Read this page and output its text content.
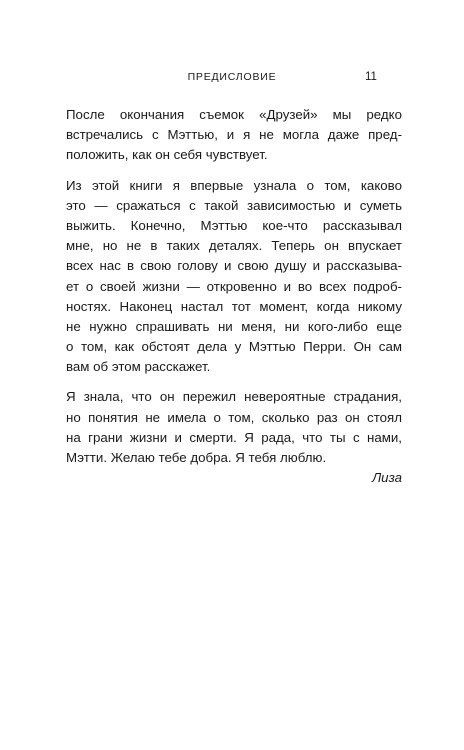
ПРЕДИСЛОВИЕ	11
После окончания съемок «Друзей» мы редко
встречались с Мэттью, и я не могла даже пред-
положить, как он себя чувствует.
Из этой книги я впервые узнала о том, каково
это — сражаться с такой зависимостью и суметь
выжить. Конечно, Мэттью кое-что рассказывал
мне, но не в таких деталях. Теперь он впускает
всех нас в свою голову и свою душу и рассказыва-
ет о своей жизни — откровенно и во всех подроб-
ностях. Наконец настал тот момент, когда никому
не нужно спрашивать ни меня, ни кого-либо еще
о том, как обстоят дела у Мэттью Перри. Он сам
вам об этом расскажет.
Я знала, что он пережил невероятные страдания,
но понятия не имела о том, сколько раз он стоял
на грани жизни и смерти. Я рада, что ты с нами,
Мэтти. Желаю тебе добра. Я тебя люблю.
Лиза
